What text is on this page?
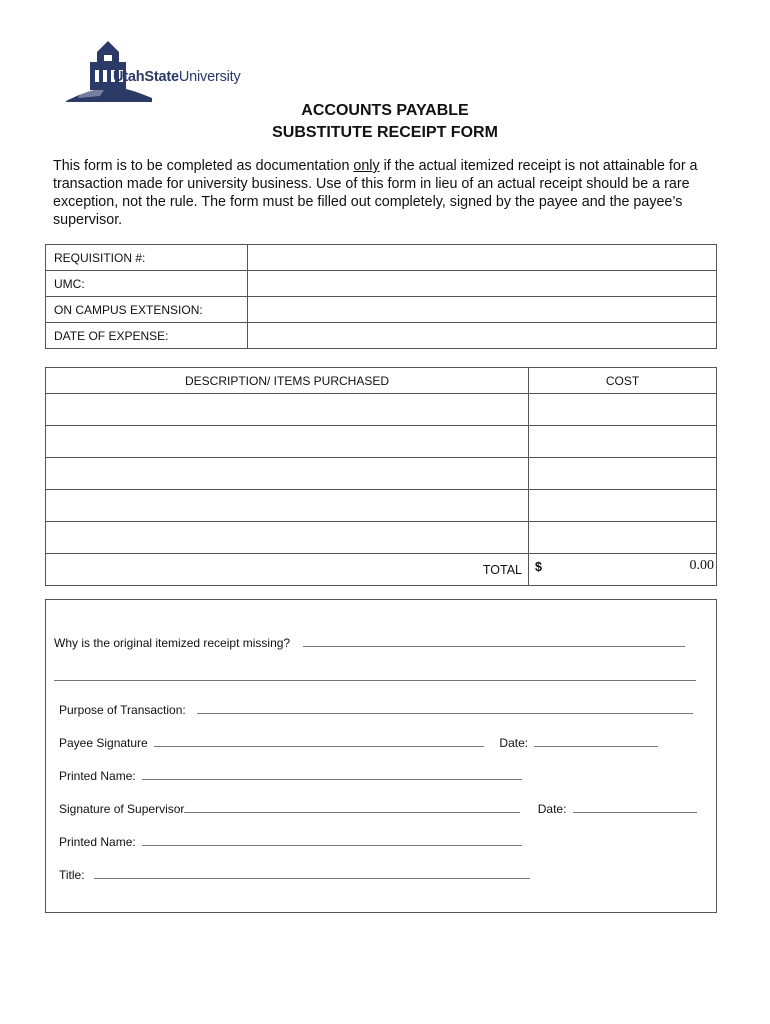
UtahStateUniversity
ACCOUNTS PAYABLE
SUBSTITUTE RECEIPT FORM
This form is to be completed as documentation only if the actual itemized receipt is not attainable for a transaction made for university business. Use of this form in lieu of an actual receipt should be a rare exception, not the rule. The form must be filled out completely, signed by the payee and the payee’s supervisor.
REQUISITION #:	
UMC:	
ON CAMPUS EXTENSION:	
DATE OF EXPENSE:	
DESCRIPTION/ ITEMS PURCHASED	COST

TOTAL	$ 0.00
Why is the original itemized receipt missing?
Purpose of Transaction:
Payee Signature	Date:
Printed Name:
Signature of Supervisor	Date:
Printed Name:
Title:
